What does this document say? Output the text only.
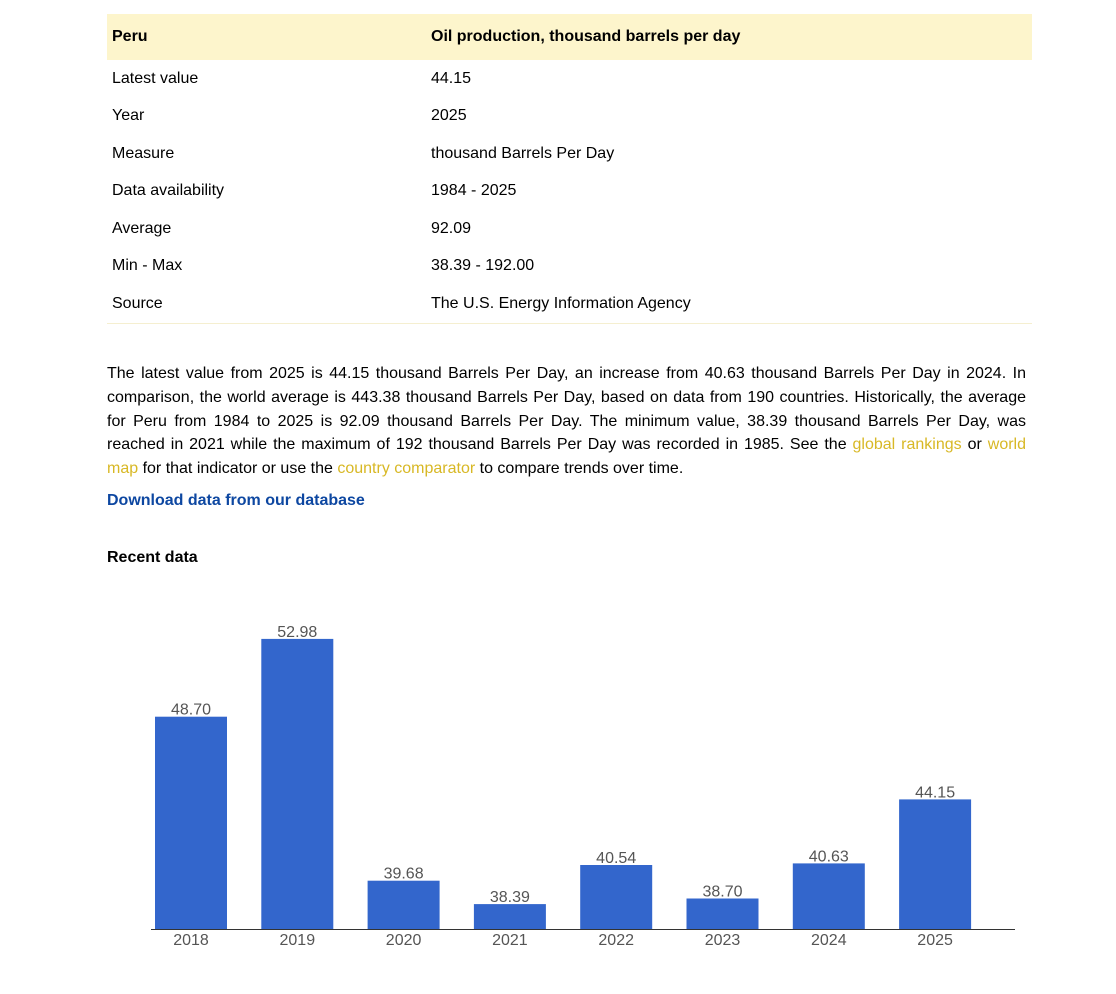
Peru	Oil production, thousand barrels per day
Latest value	44.15
Year	2025
Measure	thousand Barrels Per Day
Data availability	1984 - 2025
Average	92.09
Min - Max	38.39 - 192.00
Source	The U.S. Energy Information Agency

The latest value from 2025 is 44.15 thousand Barrels Per Day, an increase from 40.63 thousand Barrels Per Day in 2024. In comparison, the world average is 443.38 thousand Barrels Per Day, based on data from 190 countries. Historically, the average for Peru from 1984 to 2025 is 92.09 thousand Barrels Per Day. The minimum value, 38.39 thousand Barrels Per Day, was reached in 2021 while the maximum of 192 thousand Barrels Per Day was recorded in 1985. See the global rankings or world map for that indicator or use the country comparator to compare trends over time.

Download data from our database
Recent data
48.70
2018
52.98
2019
39.68
2020
38.39
2021
40.54
2022
38.70
2023
40.63
2024
44.15
2025
